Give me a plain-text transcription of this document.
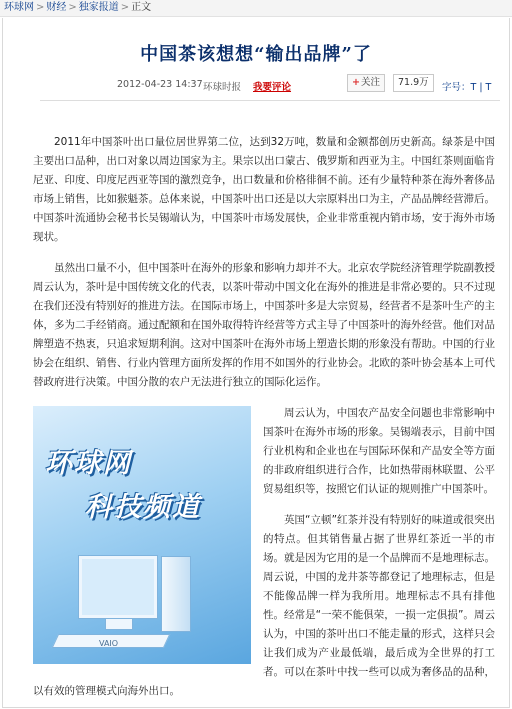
环球网 > 财经 > 独家报道 > 正文
中国茶该想想“输出品牌”了
2012-04-23 14:37 环球时报 我要评论	+关注	71.9万	字号：T | T

2011年中国茶叶出口量位居世界第二位，达到32万吨，数量和金额都创历史新高。绿茶是中国主要出口品种，出口对象以周边国家为主。果宗以出口蒙古、俄罗斯和西亚为主。中国红茶则面临肯尼亚、印度、印度尼西亚等国的激烈竞争，出口数量和价格徘徊不前。还有少量特种茶在海外奢侈品市场上销售，比如猴魁茶。总体来说，中国茶叶出口还是以大宗原料出口为主，产品品牌经营滞后。中国茶叶流通协会秘书长吴锡端认为，中国茶叶市场发展快，企业非常重视内销市场，安于海外市场现状。

虽然出口量不小，但中国茶叶在海外的形象和影响力却并不大。北京农学院经济管理学院副教授周云认为，茶叶是中国传统文化的代表，以茶叶带动中国文化在海外的推进是非常必要的。只不过现在我们还没有特别好的推进方法。在国际市场上，中国茶叶多是大宗贸易，经营者不是茶叶生产的主体，多为二手经销商。通过配额和在国外取得特许经营等方式主导了中国茶叶的海外经营。他们对品牌塑造不热衷，只追求短期利润。这对中国茶叶在海外市场上塑造长期的形象没有帮助。中国的行业协会在组织、销售、行业内管理方面所发挥的作用不如国外的行业协会。北欧的茶叶协会基本上可代替政府进行决策。中国分散的农户无法进行独立的国际化运作。

环球网
科技频道
VAIO

周云认为，中国农产品安全问题也非常影响中国茶叶在海外市场的形象。吴锡端表示，目前中国行业机构和企业也在与国际环保和产品安全等方面的非政府组织进行合作，比如热带雨林联盟、公平贸易组织等，按照它们认证的规则推广中国茶叶。

英国“立顿”红茶并没有特别好的味道或很突出的特点。但其销售量占据了世界红茶近一半的市场。就是因为它用的是一个品牌而不是地理标志。周云说，中国的龙井茶等都登记了地理标志，但是不能像品牌一样为我所用。地理标志不具有排他性。经常是“一荣不能俱荣，一损一定俱损”。周云认为，中国的茶叶出口不能走量的形式，这样只会让我们成为产业最低端，最后成为全世界的打工者。可以在茶叶中找一些可以成为奢侈品的品种，以有效的管理模式向海外出口。
